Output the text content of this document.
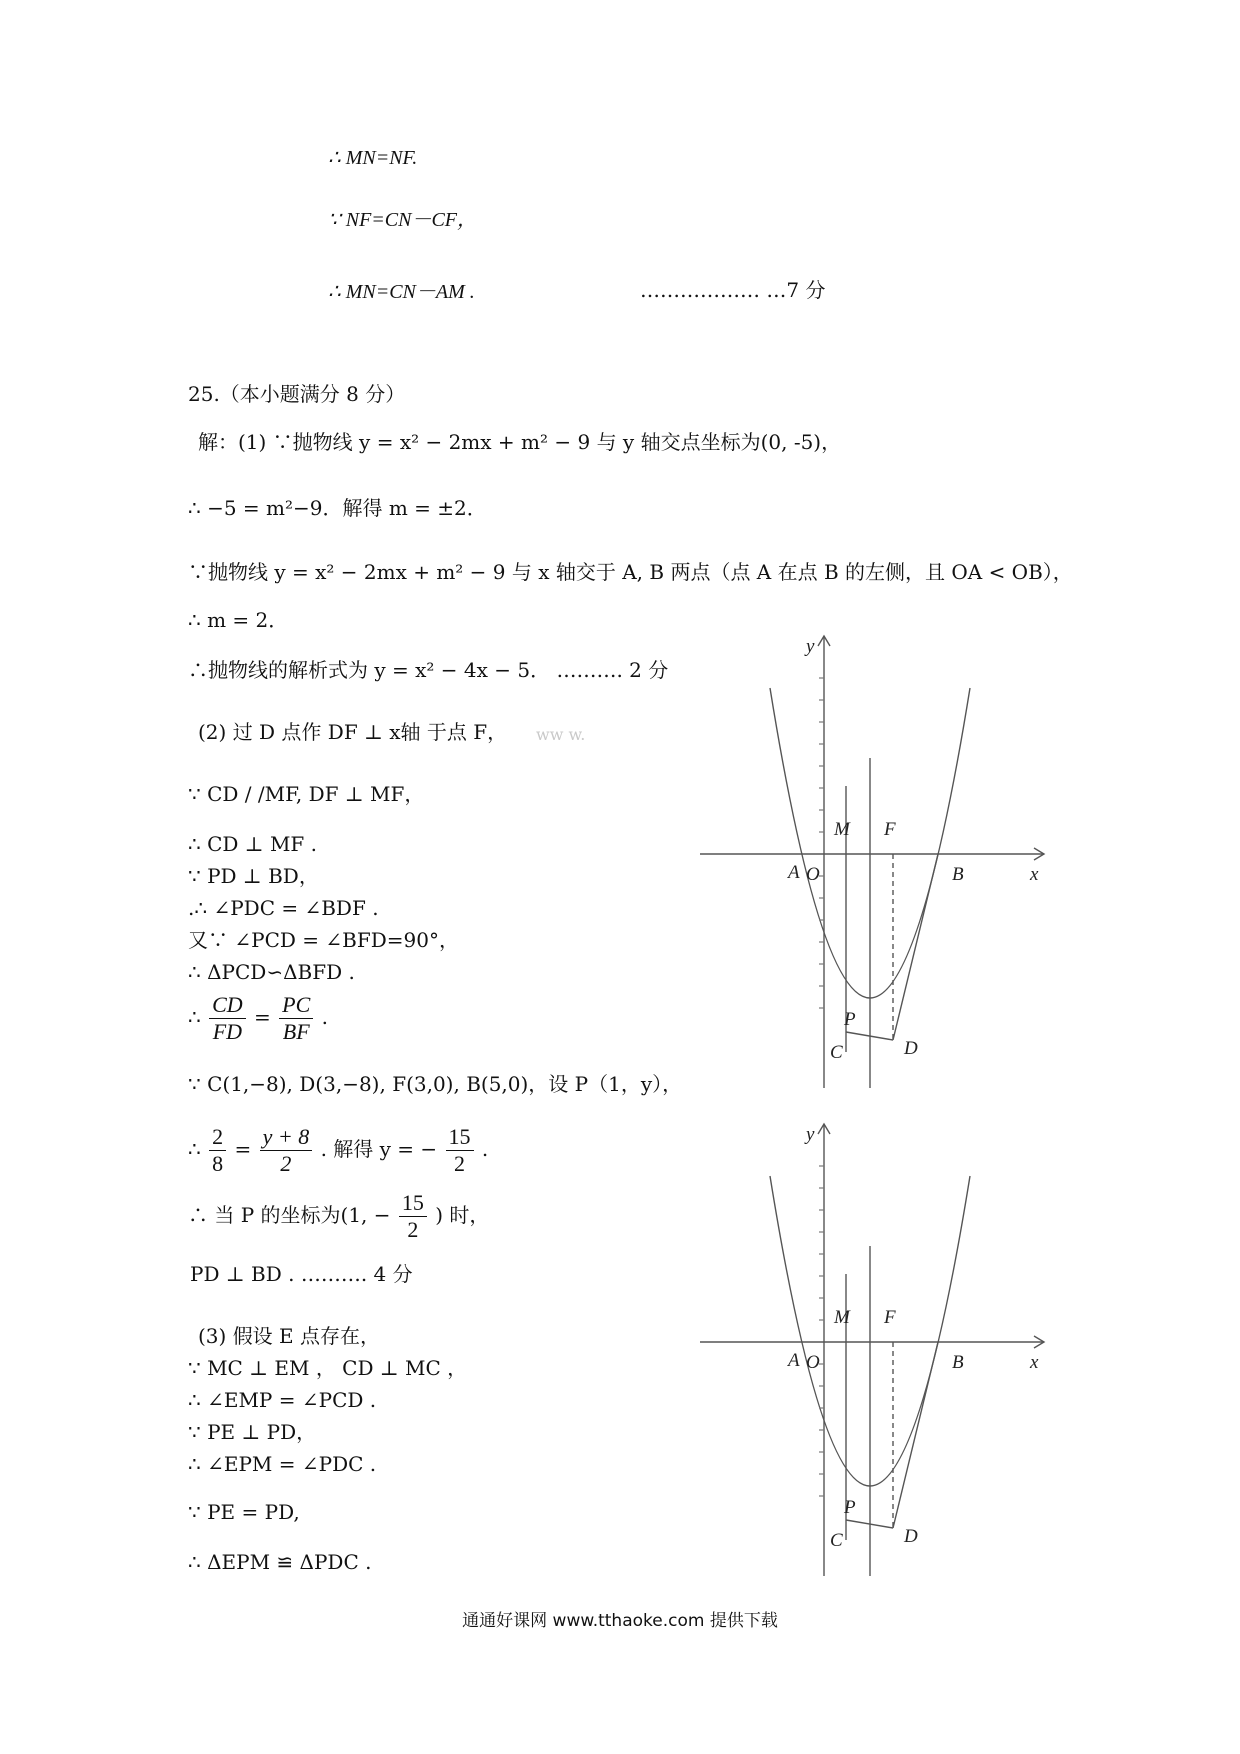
∴ MN=NF.
∵ NF=CN－CF，
∴ MN=CN－AM .	……………… …7 分
25.（本小题满分 8 分）
解：(1) ∵抛物线 y = x² − 2mx + m² − 9 与 y 轴交点坐标为(0, -5)，
∴ −5 = m²−9．解得 m = ±2．
∵抛物线 y = x² − 2mx + m² − 9 与 x 轴交于 A, B 两点（点 A 在点 B 的左侧，且 OA < OB），
∴ m = 2．
∴抛物线的解析式为 y = x² − 4x − 5． ………. 2 分
(2) 过 D 点作 DF ⊥ x轴 于点 F， ww w.
∵ CD / /MF, DF ⊥ MF，
∴ CD ⊥ MF .
∵ PD ⊥ BD，
.∴ ∠PDC = ∠BDF .
又∵ ∠PCD = ∠BFD=90°，
∴ ΔPCD∽ΔBFD .
∴ $\frac{CD}{FD} = \frac{PC}{BF}$ .
∵ C(1,−8), D(3,−8), F(3,0), B(5,0)，设 P（1，y），
∴ $\frac{2}{8} = \frac{y + 8}{2}$ . 解得 y = − $\frac{15}{2}$ .
∴ 当 P 的坐标为(1, − $\frac{15}{2}$ ) 时，
PD ⊥ BD . ………. 4 分
(3) 假设 E 点存在，
∵ MC ⊥ EM ， CD ⊥ MC ，
∴ ∠EMP = ∠PCD .
∵ PE ⊥ PD，
∴ ∠EPM = ∠PDC .
∵ PE = PD,
∴ ΔEPM ≌ ΔPDC .
y
x
A O	B
M F
P
C	D
y
x
A O	B
M F
P
C	D
通通好课网 www.tthaoke.com 提供下载
